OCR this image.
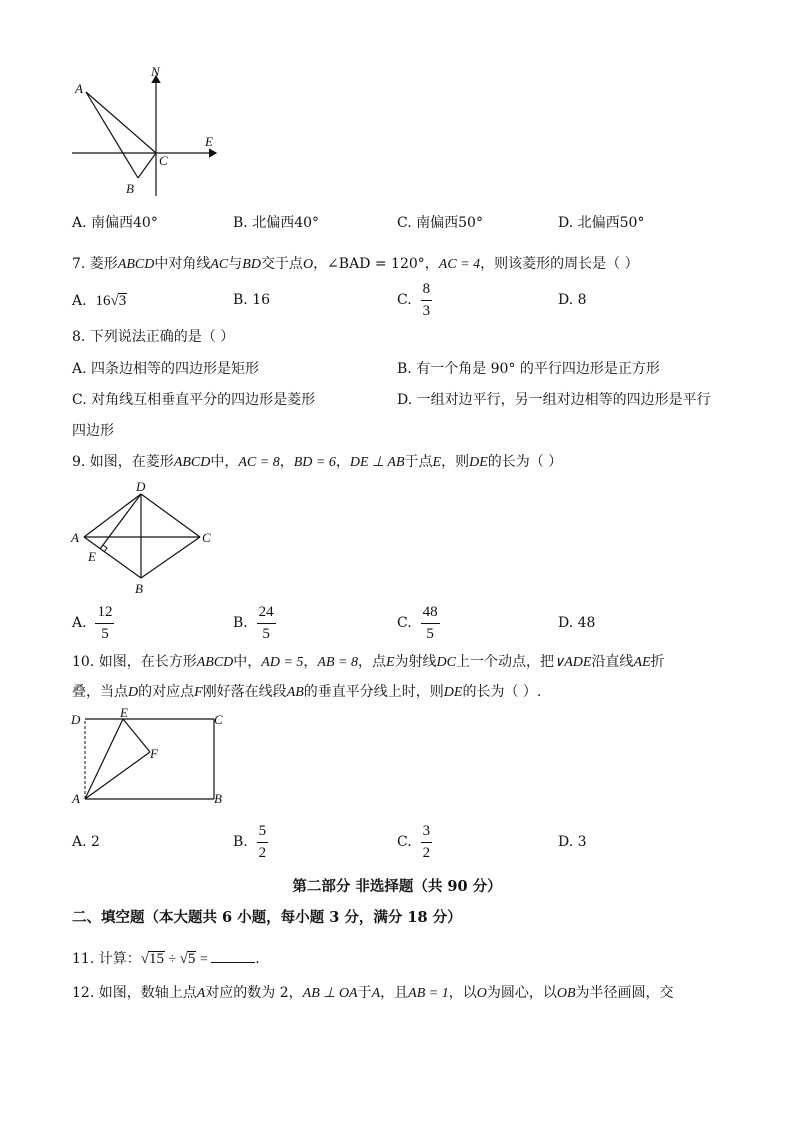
A
B
C
N
E
A. 南偏西40°	B. 北偏西40°	C. 南偏西50°	D. 北偏西50°
7. 菱形ABCD中对角线AC与BD交于点O，∠BAD = 120°，AC = 4，则该菱形的周长是（ ）
A. 16√3	B. 16	C. $\frac{8}{3}$	D. 8
8. 下列说法正确的是（ ）
A. 四条边相等的四边形是矩形	B. 有一个角是 90° 的平行四边形是正方形
C. 对角线互相垂直平分的四边形是菱形	D. 一组对边平行，另一组对边相等的四边形是平行
四边形
9. 如图，在菱形ABCD中，AC = 8，BD = 6，DE ⊥ AB于点E，则DE的长为（ ）
D
A	C
B
E
A. $\frac{12}{5}$	B. $\frac{24}{5}$	C. $\frac{48}{5}$	D. 48
10. 如图，在长方形ABCD中，AD = 5，AB = 8，点E为射线DC上一个动点，把∨ADE沿直线AE折
叠，当点D的对应点F刚好落在线段AB的垂直平分线上时，则DE的长为（ ）.
D	E	C
F
A	B
A. 2	B. $\frac{5}{2}$	C. $\frac{3}{2}$	D. 3
第二部分 非选择题（共 90 分）
二、填空题（本大题共 6 小题，每小题 3 分，满分 18 分）
11. 计算：√15 ÷ √5 =	.
12. 如图，数轴上点A对应的数为 2，AB ⊥ OA于A，且AB = 1，以O为圆心，以OB为半径画圆，交
